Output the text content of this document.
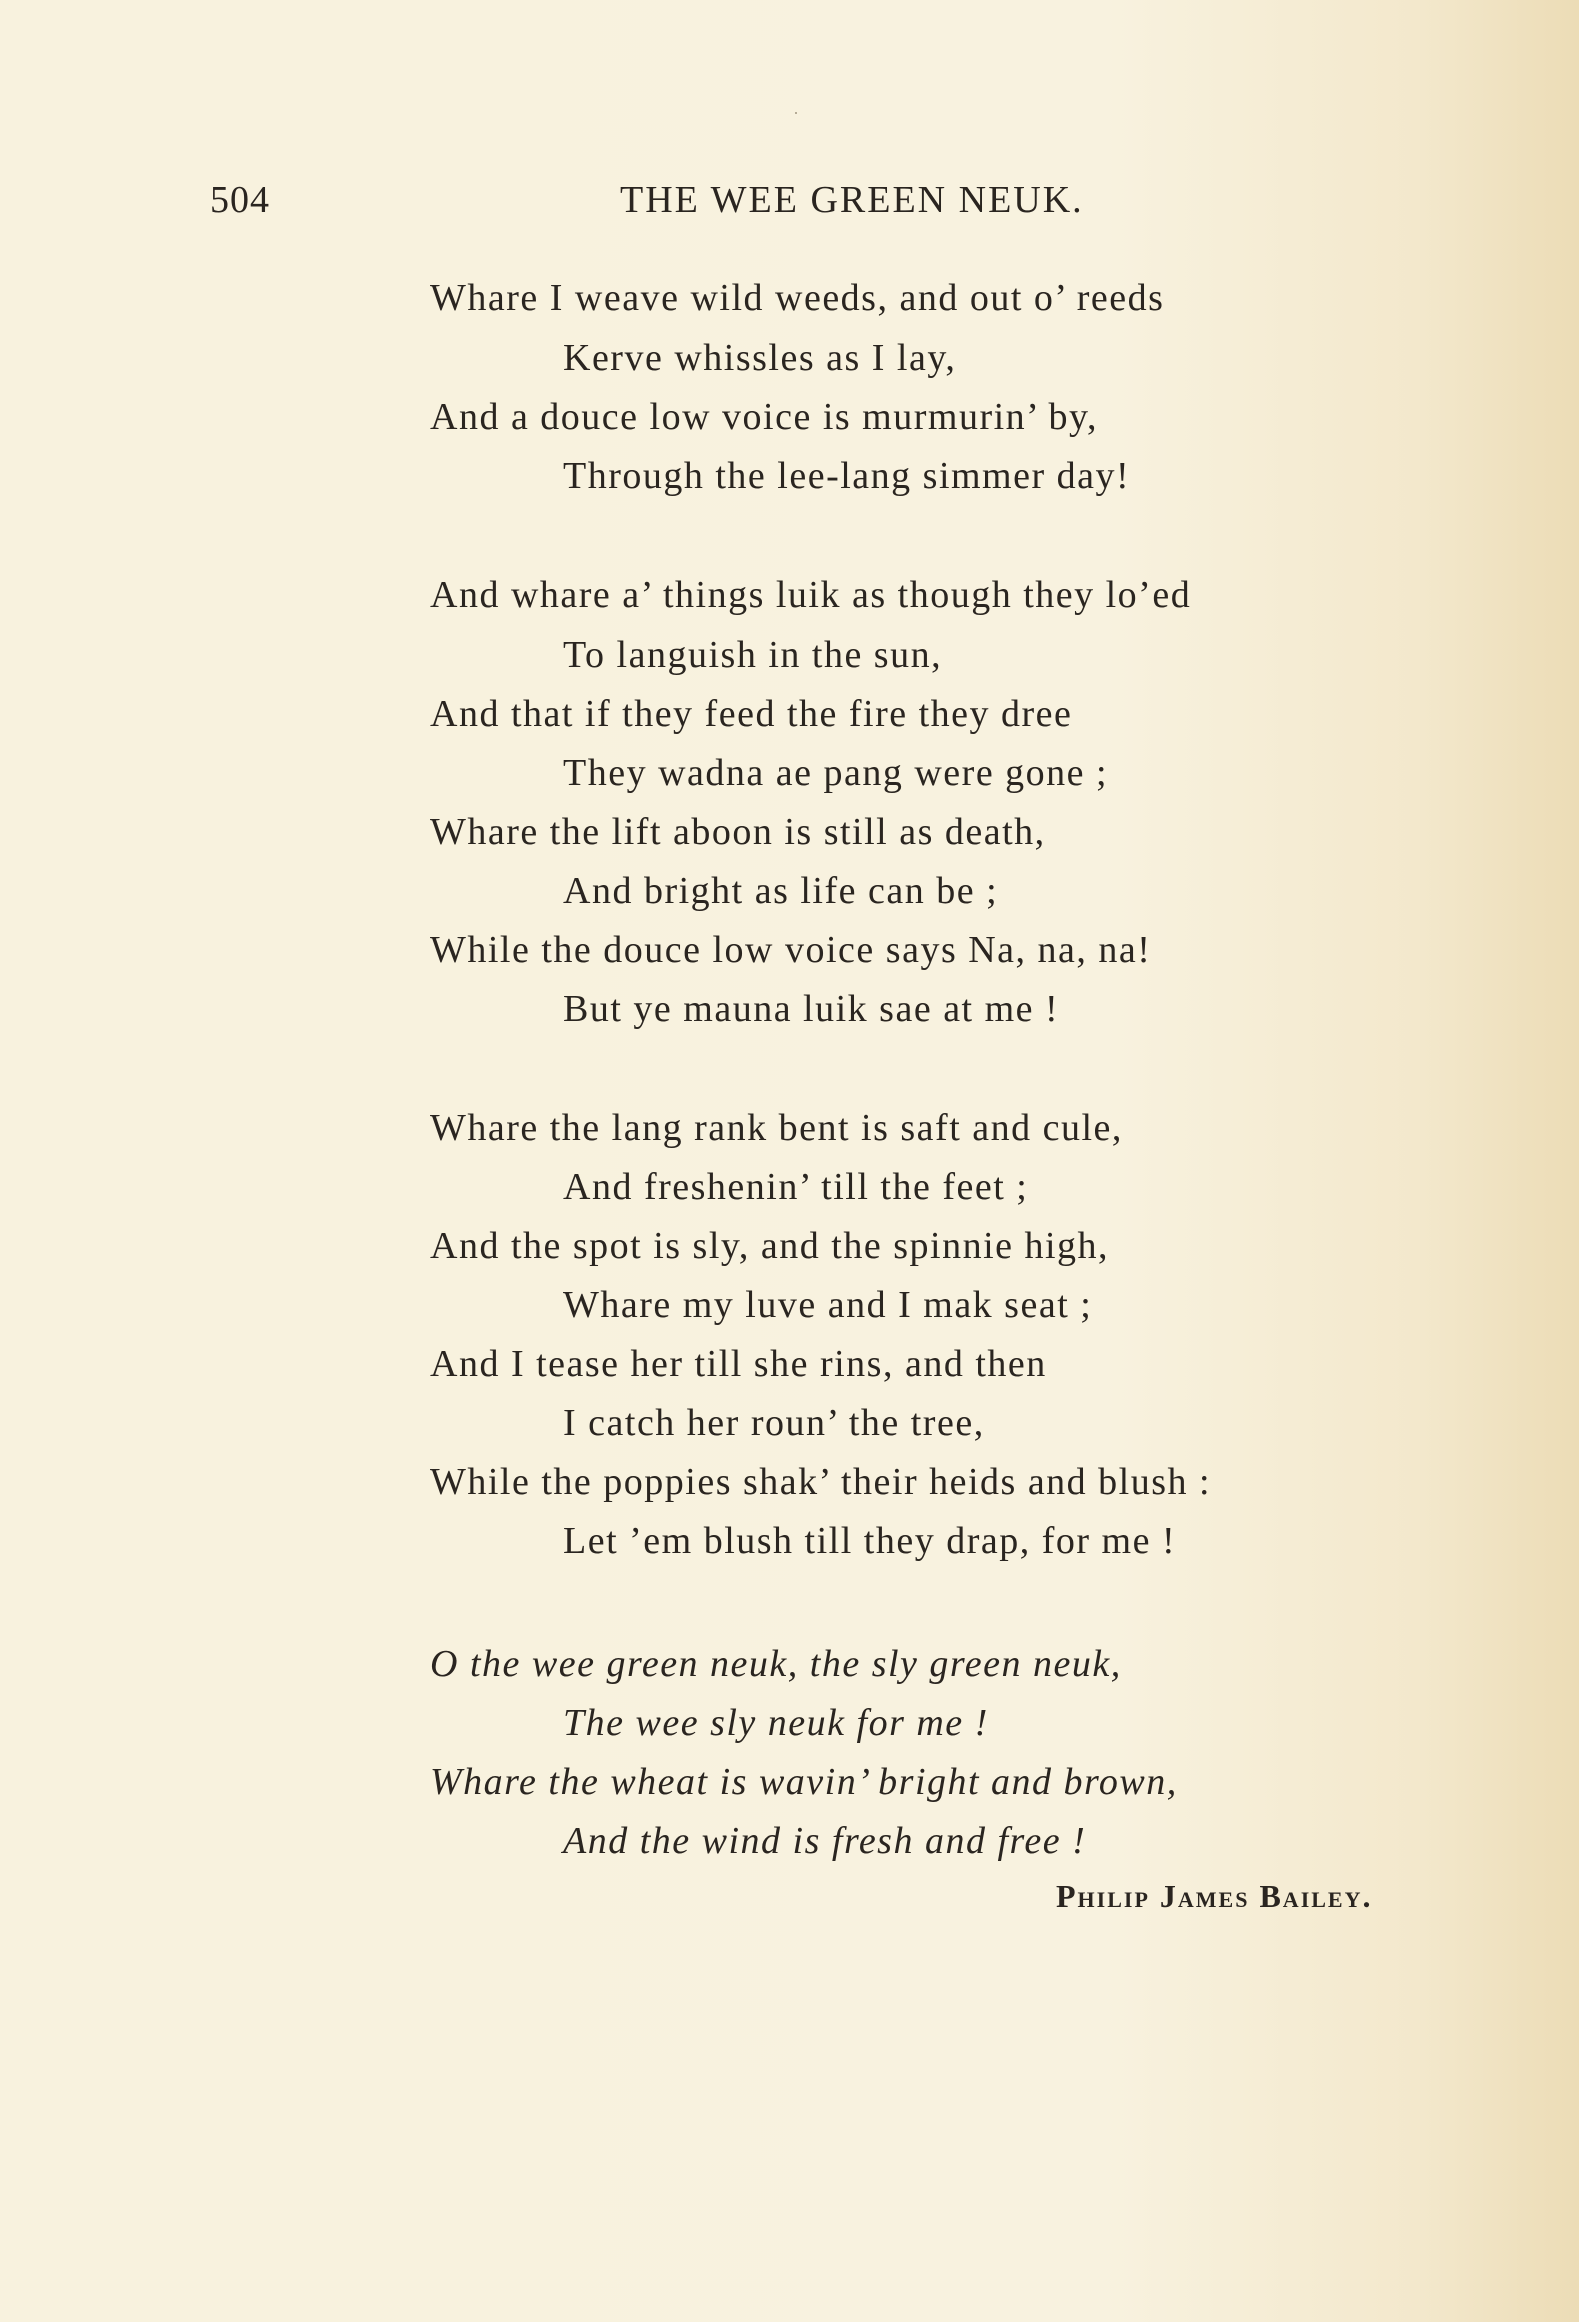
504	THE WEE GREEN NEUK.
Whare I weave wild weeds, and out o’ reeds
Kerve whissles as I lay,
And a douce low voice is murmurin’ by,
Through the lee-lang simmer day!
And whare a’ things luik as though they lo’ed
To languish in the sun,
And that if they feed the fire they dree
They wadna ae pang were gone ;
Whare the lift aboon is still as death,
And bright as life can be ;
While the douce low voice says Na, na, na!
But ye mauna luik sae at me !
Whare the lang rank bent is saft and cule,
And freshenin’ till the feet ;
And the spot is sly, and the spinnie high,
Whare my luve and I mak seat ;
And I tease her till she rins, and then
I catch her roun’ the tree,
While the poppies shak’ their heids and blush :
Let ’em blush till they drap, for me !
O the wee green neuk, the sly green neuk,
The wee sly neuk for me !
Whare the wheat is wavin’ bright and brown,
And the wind is fresh and free !
Philip James Bailey.
